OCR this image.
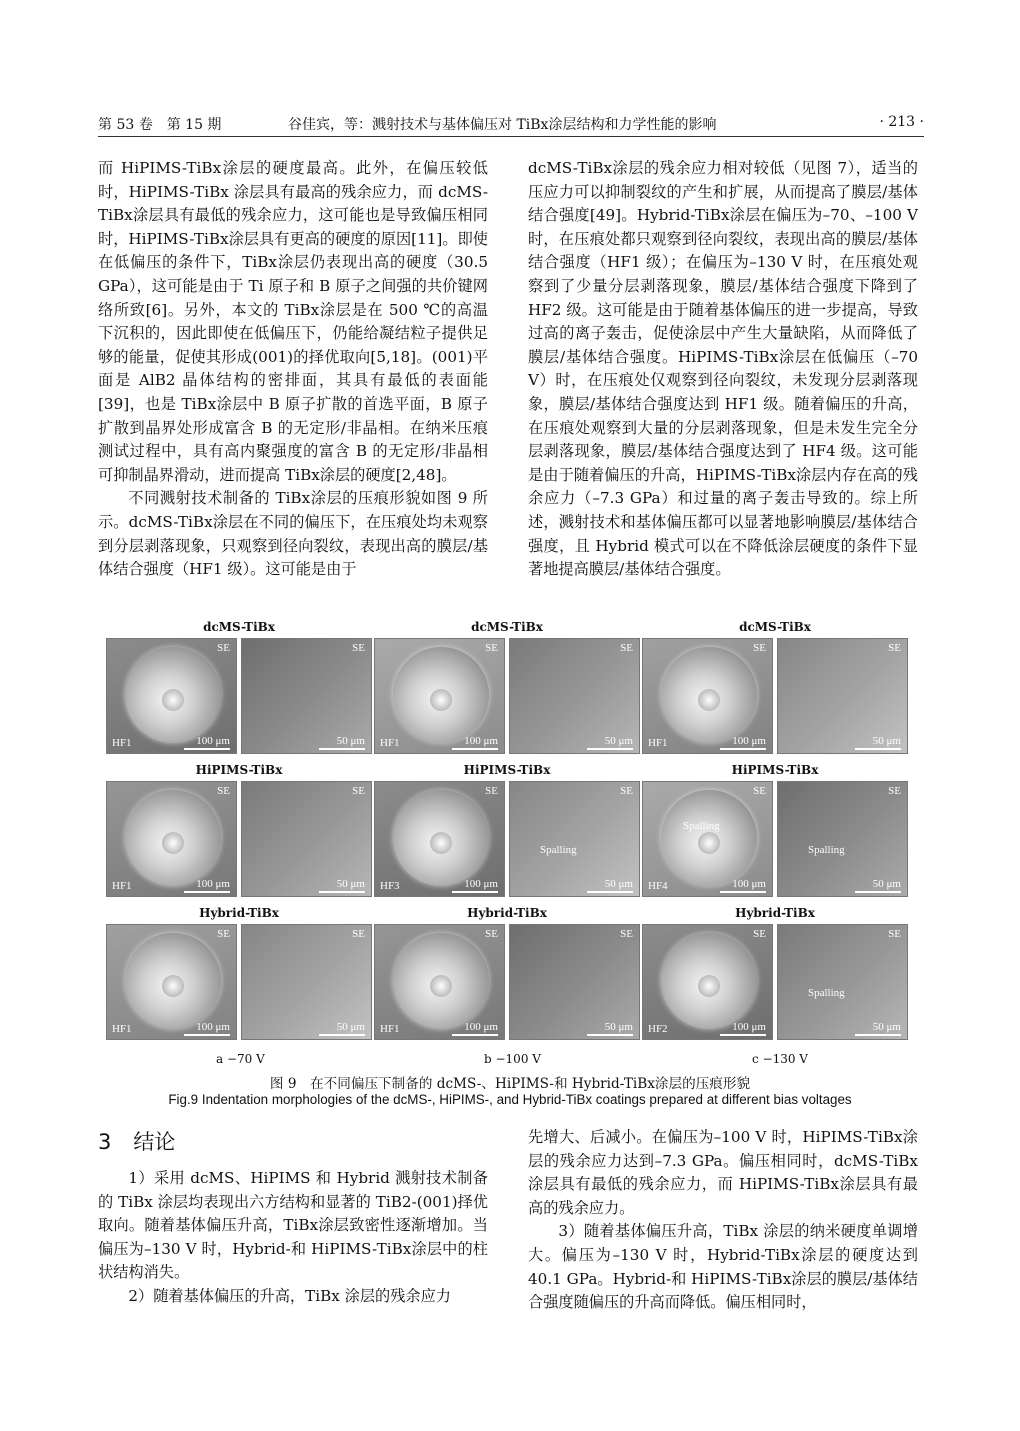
第 53 卷　第 15 期	谷佳宾，等：溅射技术与基体偏压对 TiBx涂层结构和力学性能的影响	· 213 ·

而 HiPIMS-TiBx涂层的硬度最高。此外，在偏压较低时，HiPIMS-TiBx 涂层具有最高的残余应力，而 dcMS-TiBx涂层具有最低的残余应力，这可能也是导致偏压相同时，HiPIMS-TiBx涂层具有更高的硬度的原因[11]。即使在低偏压的条件下，TiBx涂层仍表现出高的硬度（30.5 GPa），这可能是由于 Ti 原子和 B 原子之间强的共价键网络所致[6]。另外，本文的 TiBx涂层是在 500 ℃的高温下沉积的，因此即使在低偏压下，仍能给凝结粒子提供足够的能量，促使其形成(001)的择优取向[5,18]。(001)平面是 AlB2 晶体结构的密排面，其具有最低的表面能[39]，也是 TiBx涂层中 B 原子扩散的首选平面，B 原子扩散到晶界处形成富含 B 的无定形/非晶相。在纳米压痕测试过程中，具有高内聚强度的富含 B 的无定形/非晶相可抑制晶界滑动，进而提高 TiBx涂层的硬度[2,48]。

不同溅射技术制备的 TiBx涂层的压痕形貌如图 9 所示。dcMS-TiBx涂层在不同的偏压下，在压痕处均未观察到分层剥落现象，只观察到径向裂纹，表现出高的膜层/基体结合强度（HF1 级）。这可能是由于

dcMS-TiBx涂层的残余应力相对较低（见图 7），适当的压应力可以抑制裂纹的产生和扩展，从而提高了膜层/基体结合强度[49]。Hybrid-TiBx涂层在偏压为–70、–100 V 时，在压痕处都只观察到径向裂纹，表现出高的膜层/基体结合强度（HF1 级）；在偏压为–130 V 时，在压痕处观察到了少量分层剥落现象，膜层/基体结合强度下降到了 HF2 级。这可能是由于随着基体偏压的进一步提高，导致过高的离子轰击，促使涂层中产生大量缺陷，从而降低了膜层/基体结合强度。HiPIMS-TiBx涂层在低偏压（–70 V）时，在压痕处仅观察到径向裂纹，未发现分层剥落现象，膜层/基体结合强度达到 HF1 级。随着偏压的升高，在压痕处观察到大量的分层剥落现象，但是未发生完全分层剥落现象，膜层/基体结合强度达到了 HF4 级。这可能是由于随着偏压的升高，HiPIMS-TiBx涂层内存在高的残余应力（–7.3 GPa）和过量的离子轰击导致的。综上所述，溅射技术和基体偏压都可以显著地影响膜层/基体结合强度，且 Hybrid 模式可以在不降低涂层硬度的条件下显著地提高膜层/基体结合强度。

dcMS-TiBx
SE
HF1	100 μm
SE
50 μm
HiPIMS-TiBx
SE
HF1	100 μm
SE
50 μm
Hybrid-TiBx
SE
HF1	100 μm
SE
50 μm
a −70 V
dcMS-TiBx
SE
HF1	100 μm
SE
50 μm
HiPIMS-TiBx
SE
HF3	100 μm
SE
50 μm
Spalling
Hybrid-TiBx
SE
HF1	100 μm
SE
50 μm
b −100 V
dcMS-TiBx
SE
HF1	100 μm
SE
50 μm
HiPIMS-TiBx
SE
HF4	100 μm
Spalling
SE
50 μm
Spalling
Hybrid-TiBx
SE
HF2	100 μm
SE
50 μm
Spalling
c −130 V
图 9　在不同偏压下制备的 dcMS-、HiPIMS-和 Hybrid-TiBx涂层的压痕形貌
Fig.9 Indentation morphologies of the dcMS-, HiPIMS-, and Hybrid-TiBx coatings prepared at different bias voltages
3 结论

1）采用 dcMS、HiPIMS 和 Hybrid 溅射技术制备的 TiBx 涂层均表现出六方结构和显著的 TiB2-(001)择优取向。随着基体偏压升高，TiBx涂层致密性逐渐增加。当偏压为–130 V 时，Hybrid-和 HiPIMS-TiBx涂层中的柱状结构消失。

2）随着基体偏压的升高，TiBx 涂层的残余应力

先增大、后减小。在偏压为–100 V 时，HiPIMS-TiBx涂层的残余应力达到–7.3 GPa。偏压相同时，dcMS-TiBx涂层具有最低的残余应力，而 HiPIMS-TiBx涂层具有最高的残余应力。

3）随着基体偏压升高，TiBx 涂层的纳米硬度单调增大。偏压为–130 V 时，Hybrid-TiBx涂层的硬度达到 40.1 GPa。Hybrid-和 HiPIMS-TiBx涂层的膜层/基体结合强度随偏压的升高而降低。偏压相同时，
